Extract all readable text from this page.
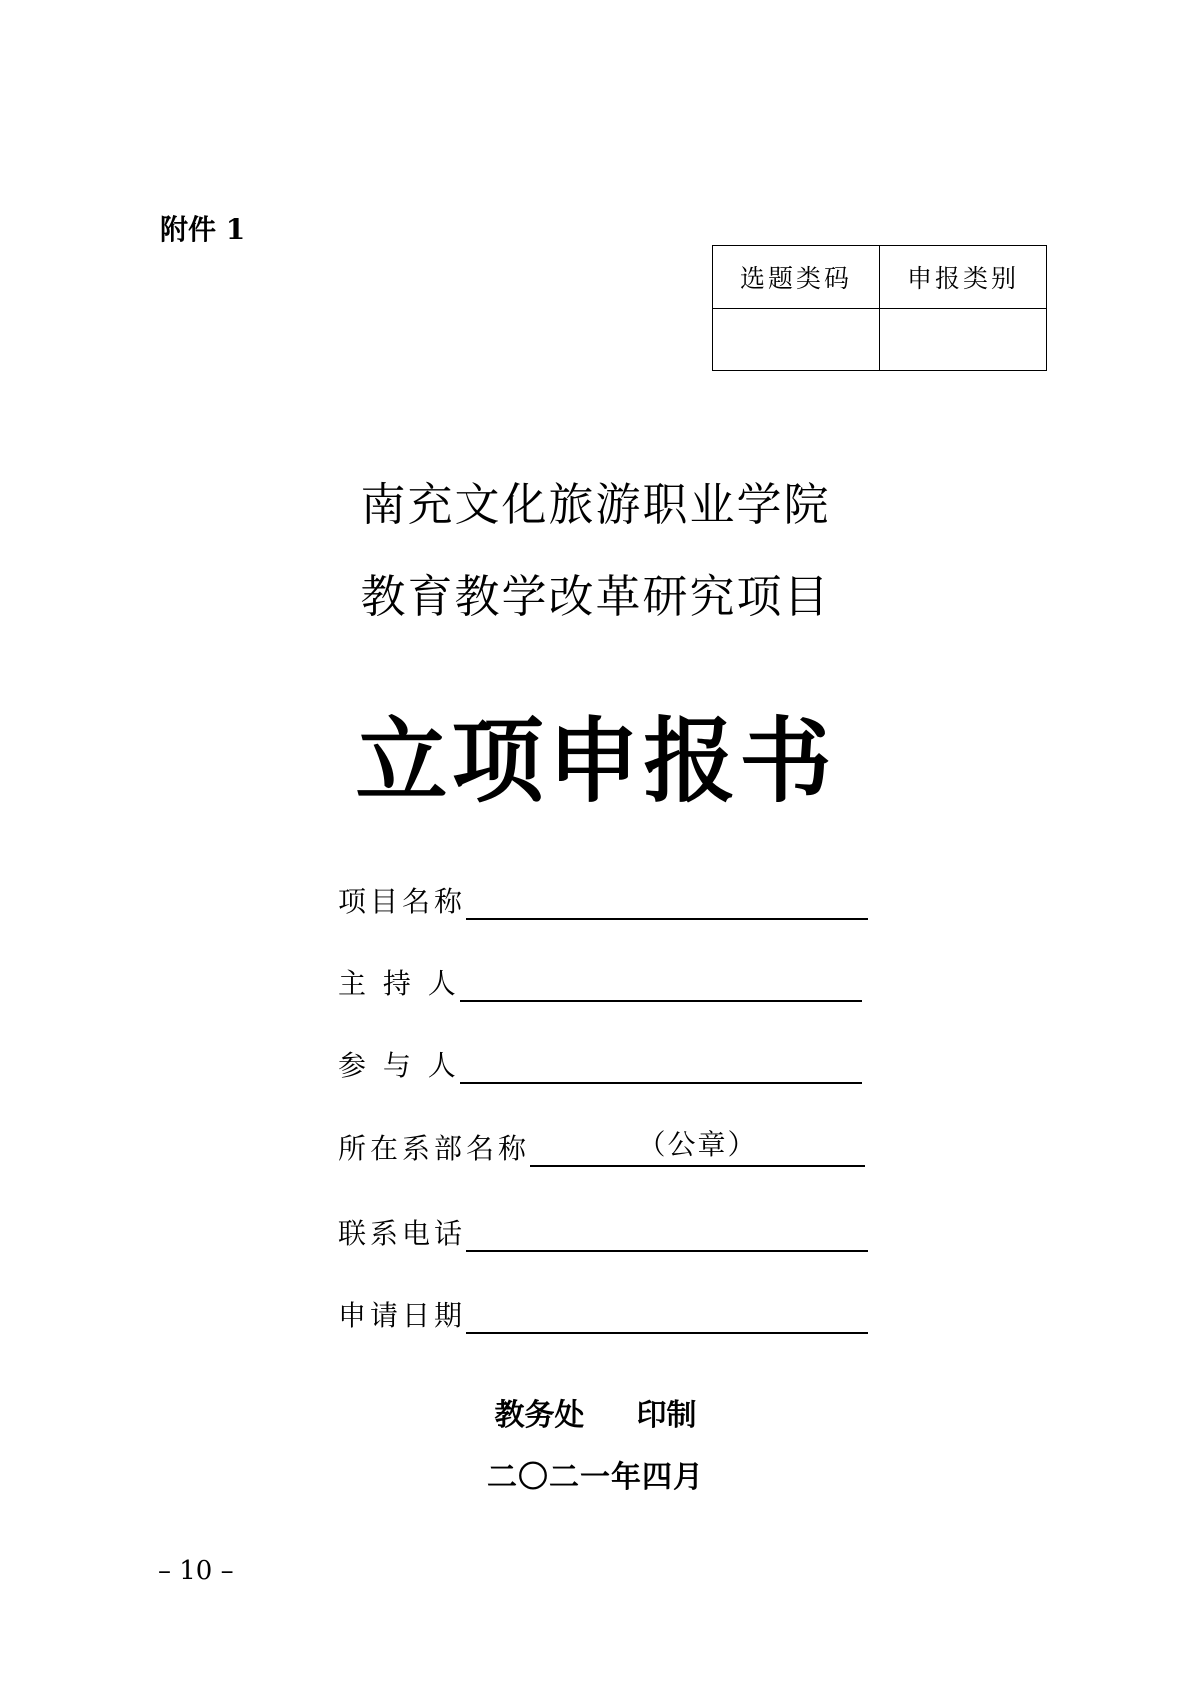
附件 1
选题类码	申报类别

南充文化旅游职业学院
教育教学改革研究项目
立项申报书
项目名称
主 持 人
参 与 人
所在系部名称	（公章）
联系电话
申请日期
教务处 印制
二〇二一年四月
– 10 –
